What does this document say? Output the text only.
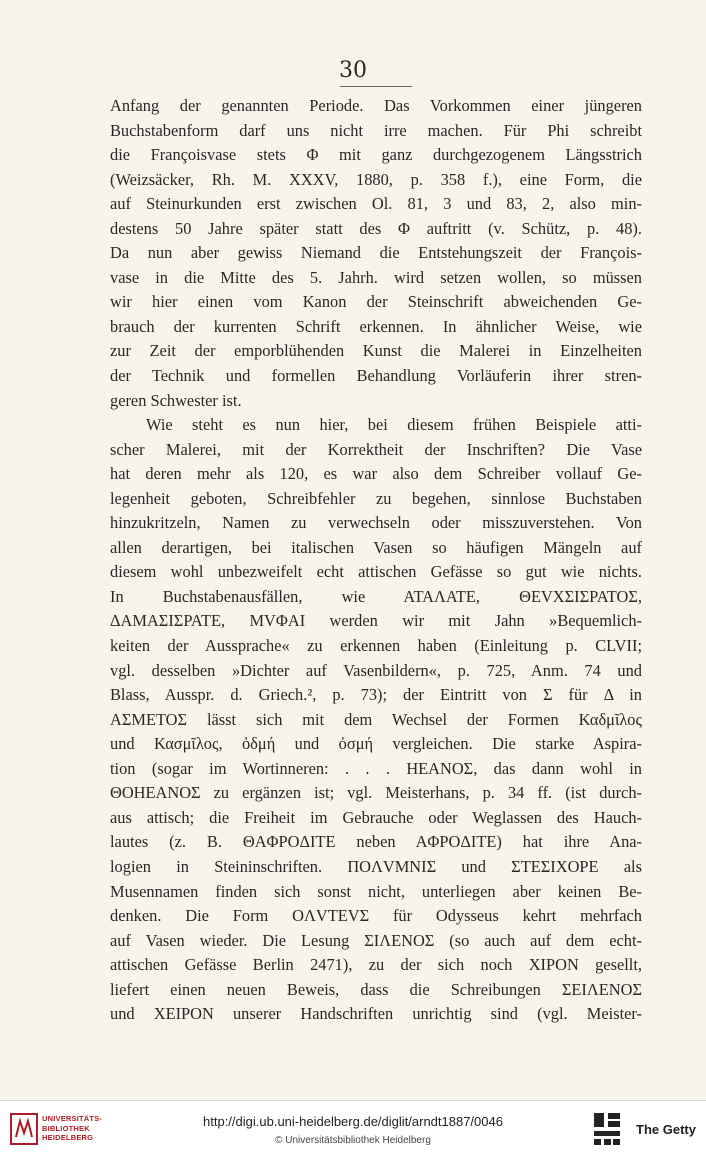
30
Anfang der genannten Periode. Das Vorkommen einer jüngeren
Buchstabenform darf uns nicht irre machen. Für Phi schreibt
die Françoisvase stets Φ mit ganz durchgezogenem Längsstrich
(Weizsäcker, Rh. M. XXXV, 1880, p. 358 f.), eine Form, die
auf Steinurkunden erst zwischen Ol. 81, 3 und 83, 2, also min-
destens 50 Jahre später statt des Φ auftritt (v. Schütz, p. 48).
Da nun aber gewiss Niemand die Entstehungszeit der François-
vase in die Mitte des 5. Jahrh. wird setzen wollen, so müssen
wir hier einen vom Kanon der Steinschrift abweichenden Ge-
brauch der kurrenten Schrift erkennen. In ähnlicher Weise, wie
zur Zeit der emporblühenden Kunst die Malerei in Einzelheiten
der Technik und formellen Behandlung Vorläuferin ihrer stren-
geren Schwester ist.
Wie steht es nun hier, bei diesem frühen Beispiele atti-
scher Malerei, mit der Korrektheit der Inschriften? Die Vase
hat deren mehr als 120, es war also dem Schreiber vollauf Ge-
legenheit geboten, Schreibfehler zu begehen, sinnlose Buchstaben
hinzukritzeln, Namen zu verwechseln oder misszuverstehen. Von
allen derartigen, bei italischen Vasen so häufigen Mängeln auf
diesem wohl unbezweifelt echt attischen Gefässe so gut wie nichts.
In Buchstabenausfällen, wie ATAΛATE, ΘEVXΣIΣPATOΣ,
ΔAMAΣIΣPATE, MVΦAI werden wir mit Jahn »Bequemlich-
keiten der Aussprache« zu erkennen haben (Einleitung p. CLVII;
vgl. desselben »Dichter auf Vasenbildern«, p. 725, Anm. 74 und
Blass, Ausspr. d. Griech.², p. 73); der Eintritt von Σ für Δ in
AΣMETOΣ lässt sich mit dem Wechsel der Formen Καδμῖλος
und Κασμῖλος, ὀδμή und ὀσμή vergleichen. Die starke Aspira-
tion (sogar im Wortinneren: . . . HEANOΣ, das dann wohl in
ΘOHEANOΣ zu ergänzen ist; vgl. Meisterhans, p. 34 ff. (ist durch-
aus attisch; die Freiheit im Gebrauche oder Weglassen des Hauch-
lautes (z. B. ΘAΦPOΔITE neben AΦPOΔITE) hat ihre Ana-
logien in Steininschriften. ΠOΛVMNIΣ und ΣTEΣIXOPE als
Musennamen finden sich sonst nicht, unterliegen aber keinen Be-
denken. Die Form OΛVTEVΣ für Odysseus kehrt mehrfach
auf Vasen wieder. Die Lesung ΣIΛENOΣ (so auch auf dem echt-
attischen Gefässe Berlin 2471), zu der sich noch XIPON gesellt,
liefert einen neuen Beweis, dass die Schreibungen ΣEIΛENOΣ
und XEIPON unserer Handschriften unrichtig sind (vgl. Meister-
UNIVERSITÄTS-
BIBLIOTHEK
HEIDELBERG
http://digi.ub.uni-heidelberg.de/diglit/arndt1887/0046
© Universitätsbibliothek Heidelberg
The Getty
